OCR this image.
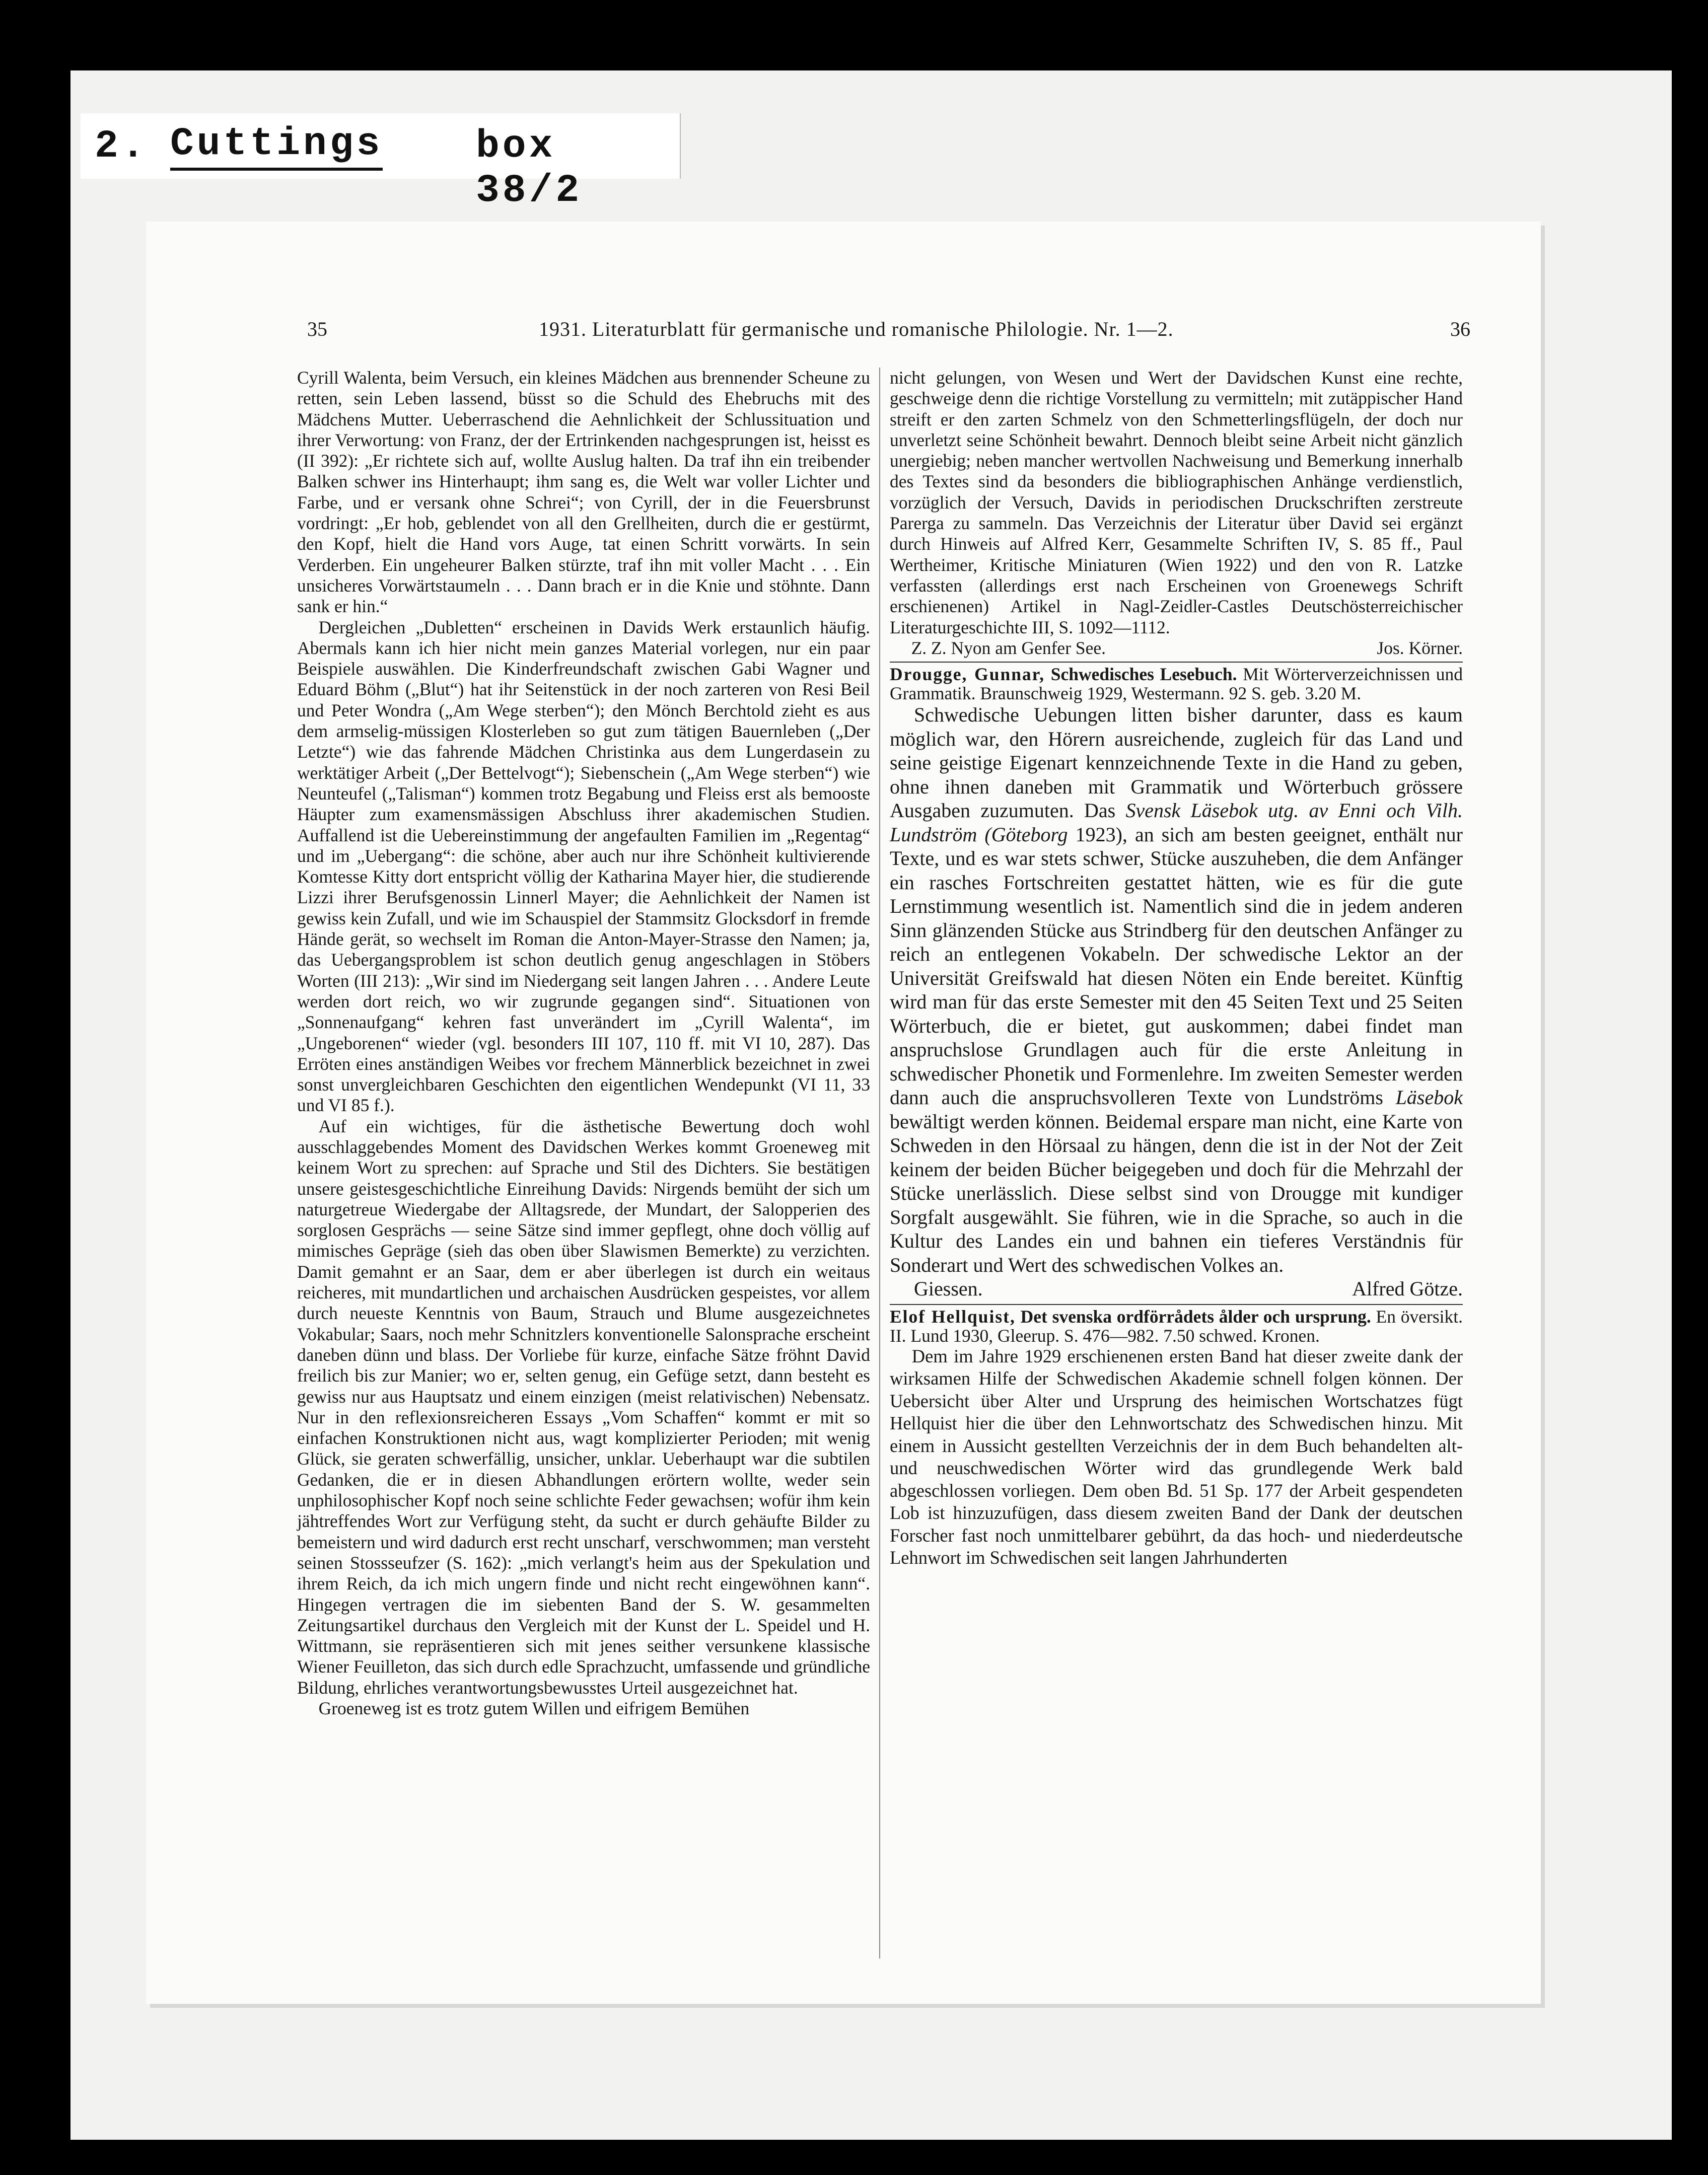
2. Cuttings box 38/2
35	1931. Literaturblatt für germanische und romanische Philologie. Nr. 1—2.	36

Cyrill Walenta, beim Versuch, ein kleines Mädchen aus brennender Scheune zu retten, sein Leben lassend, büsst so die Schuld des Ehebruchs mit des Mädchens Mutter. Ueberraschend die Aehnlichkeit der Schlussituation und ihrer Verwortung: von Franz, der der Ertrinkenden nachgesprungen ist, heisst es (II 392): „Er richtete sich auf, wollte Auslug halten. Da traf ihn ein treibender Balken schwer ins Hinterhaupt; ihm sang es, die Welt war voller Lichter und Farbe, und er versank ohne Schrei“; von Cyrill, der in die Feuersbrunst vordringt: „Er hob, geblendet von all den Grellheiten, durch die er gestürmt, den Kopf, hielt die Hand vors Auge, tat einen Schritt vorwärts. In sein Verderben. Ein ungeheurer Balken stürzte, traf ihn mit voller Macht . . . Ein unsicheres Vorwärtstaumeln . . . Dann brach er in die Knie und stöhnte. Dann sank er hin.“

Dergleichen „Dubletten“ erscheinen in Davids Werk erstaunlich häufig. Abermals kann ich hier nicht mein ganzes Material vorlegen, nur ein paar Beispiele auswählen. Die Kinderfreundschaft zwischen Gabi Wagner und Eduard Böhm („Blut“) hat ihr Seitenstück in der noch zarteren von Resi Beil und Peter Wondra („Am Wege sterben“); den Mönch Berchtold zieht es aus dem armselig-müssigen Klosterleben so gut zum tätigen Bauernleben („Der Letzte“) wie das fahrende Mädchen Christinka aus dem Lungerdasein zu werktätiger Arbeit („Der Bettelvogt“); Siebenschein („Am Wege sterben“) wie Neunteufel („Talisman“) kommen trotz Begabung und Fleiss erst als bemooste Häupter zum examensmässigen Abschluss ihrer akademischen Studien. Auffallend ist die Uebereinstimmung der angefaulten Familien im „Regentag“ und im „Uebergang“: die schöne, aber auch nur ihre Schönheit kultivierende Komtesse Kitty dort entspricht völlig der Katharina Mayer hier, die studierende Lizzi ihrer Berufsgenossin Linnerl Mayer; die Aehnlichkeit der Namen ist gewiss kein Zufall, und wie im Schauspiel der Stammsitz Glocksdorf in fremde Hände gerät, so wechselt im Roman die Anton-Mayer-Strasse den Namen; ja, das Uebergangsproblem ist schon deutlich genug angeschlagen in Stöbers Worten (III 213): „Wir sind im Niedergang seit langen Jahren . . . Andere Leute werden dort reich, wo wir zugrunde gegangen sind“. Situationen von „Sonnenaufgang“ kehren fast unverändert im „Cyrill Walenta“, im „Ungeborenen“ wieder (vgl. besonders III 107, 110 ff. mit VI 10, 287). Das Erröten eines anständigen Weibes vor frechem Männerblick bezeichnet in zwei sonst unvergleichbaren Geschichten den eigentlichen Wendepunkt (VI 11, 33 und VI 85 f.).

Auf ein wichtiges, für die ästhetische Bewertung doch wohl ausschlaggebendes Moment des Davidschen Werkes kommt Groeneweg mit keinem Wort zu sprechen: auf Sprache und Stil des Dichters. Sie bestätigen unsere geistesgeschichtliche Einreihung Davids: Nirgends bemüht der sich um naturgetreue Wiedergabe der Alltagsrede, der Mundart, der Salopperien des sorglosen Gesprächs — seine Sätze sind immer gepflegt, ohne doch völlig auf mimisches Gepräge (sieh das oben über Slawismen Bemerkte) zu verzichten. Damit gemahnt er an Saar, dem er aber überlegen ist durch ein weitaus reicheres, mit mundartlichen und archaischen Ausdrücken gespeistes, vor allem durch neueste Kenntnis von Baum, Strauch und Blume ausgezeichnetes Vokabular; Saars, noch mehr Schnitzlers konventionelle Salonsprache erscheint daneben dünn und blass. Der Vorliebe für kurze, einfache Sätze fröhnt David freilich bis zur Manier; wo er, selten genug, ein Gefüge setzt, dann besteht es gewiss nur aus Hauptsatz und einem einzigen (meist relativischen) Nebensatz. Nur in den reflexionsreicheren Essays „Vom Schaffen“ kommt er mit so einfachen Konstruktionen nicht aus, wagt komplizierter Perioden; mit wenig Glück, sie geraten schwerfällig, unsicher, unklar. Ueberhaupt war die subtilen Gedanken, die er in diesen Abhandlungen erörtern wollte, weder sein unphilosophischer Kopf noch seine schlichte Feder gewachsen; wofür ihm kein jähtreffendes Wort zur Verfügung steht, da sucht er durch gehäufte Bilder zu bemeistern und wird dadurch erst recht unscharf, verschwommen; man versteht seinen Stossseufzer (S. 162): „mich verlangt's heim aus der Spekulation und ihrem Reich, da ich mich ungern finde und nicht recht eingewöhnen kann“. Hingegen vertragen die im siebenten Band der S. W. gesammelten Zeitungsartikel durchaus den Vergleich mit der Kunst der L. Speidel und H. Wittmann, sie repräsentieren sich mit jenes seither versunkene klassische Wiener Feuilleton, das sich durch edle Sprachzucht, umfassende und gründliche Bildung, ehrliches verantwortungsbewusstes Urteil ausgezeichnet hat.

Groeneweg ist es trotz gutem Willen und eifrigem Bemühen

nicht gelungen, von Wesen und Wert der Davidschen Kunst eine rechte, geschweige denn die richtige Vorstellung zu vermitteln; mit zutäppischer Hand streift er den zarten Schmelz von den Schmetterlingsflügeln, der doch nur unverletzt seine Schönheit bewahrt. Dennoch bleibt seine Arbeit nicht gänzlich unergiebig; neben mancher wertvollen Nachweisung und Bemerkung innerhalb des Textes sind da besonders die bibliographischen Anhänge verdienstlich, vorzüglich der Versuch, Davids in periodischen Druckschriften zerstreute Parerga zu sammeln. Das Verzeichnis der Literatur über David sei ergänzt durch Hinweis auf Alfred Kerr, Gesammelte Schriften IV, S. 85 ff., Paul Wertheimer, Kritische Miniaturen (Wien 1922) und den von R. Latzke verfassten (allerdings erst nach Erscheinen von Groenewegs Schrift erschienenen) Artikel in Nagl-Zeidler-Castles Deutschösterreichischer Literaturgeschichte III, S. 1092—1112.

Z. Z. Nyon am Genfer See.	Jos. Körner.

Drougge, Gunnar, Schwedisches Lesebuch. Mit Wörterverzeichnissen und Grammatik. Braunschweig 1929, Westermann. 92 S. geb. 3.20 M.

Schwedische Uebungen litten bisher darunter, dass es kaum möglich war, den Hörern ausreichende, zugleich für das Land und seine geistige Eigenart kennzeichnende Texte in die Hand zu geben, ohne ihnen daneben mit Grammatik und Wörterbuch grössere Ausgaben zuzumuten. Das Svensk Läsebok utg. av Enni och Vilh. Lundström (Göteborg 1923), an sich am besten geeignet, enthält nur Texte, und es war stets schwer, Stücke auszuheben, die dem Anfänger ein rasches Fortschreiten gestattet hätten, wie es für die gute Lernstimmung wesentlich ist. Namentlich sind die in jedem anderen Sinn glänzenden Stücke aus Strindberg für den deutschen Anfänger zu reich an entlegenen Vokabeln. Der schwedische Lektor an der Universität Greifswald hat diesen Nöten ein Ende bereitet. Künftig wird man für das erste Semester mit den 45 Seiten Text und 25 Seiten Wörterbuch, die er bietet, gut auskommen; dabei findet man anspruchslose Grundlagen auch für die erste Anleitung in schwedischer Phonetik und Formenlehre. Im zweiten Semester werden dann auch die anspruchsvolleren Texte von Lundströms Läsebok bewältigt werden können. Beidemal erspare man nicht, eine Karte von Schweden in den Hörsaal zu hängen, denn die ist in der Not der Zeit keinem der beiden Bücher beigegeben und doch für die Mehrzahl der Stücke unerlässlich. Diese selbst sind von Drougge mit kundiger Sorgfalt ausgewählt. Sie führen, wie in die Sprache, so auch in die Kultur des Landes ein und bahnen ein tieferes Verständnis für Sonderart und Wert des schwedischen Volkes an.

Giessen.	Alfred Götze.

Elof Hellquist, Det svenska ordförrådets ålder och ursprung. En översikt. II. Lund 1930, Gleerup. S. 476—982. 7.50 schwed. Kronen.

Dem im Jahre 1929 erschienenen ersten Band hat dieser zweite dank der wirksamen Hilfe der Schwedischen Akademie schnell folgen können. Der Uebersicht über Alter und Ursprung des heimischen Wortschatzes fügt Hellquist hier die über den Lehnwortschatz des Schwedischen hinzu. Mit einem in Aussicht gestellten Verzeichnis der in dem Buch behandelten alt- und neuschwedischen Wörter wird das grundlegende Werk bald abgeschlossen vorliegen. Dem oben Bd. 51 Sp. 177 der Arbeit gespendeten Lob ist hinzuzufügen, dass diesem zweiten Band der Dank der deutschen Forscher fast noch unmittelbarer gebührt, da das hoch- und niederdeutsche Lehnwort im Schwedischen seit langen Jahrhunderten
